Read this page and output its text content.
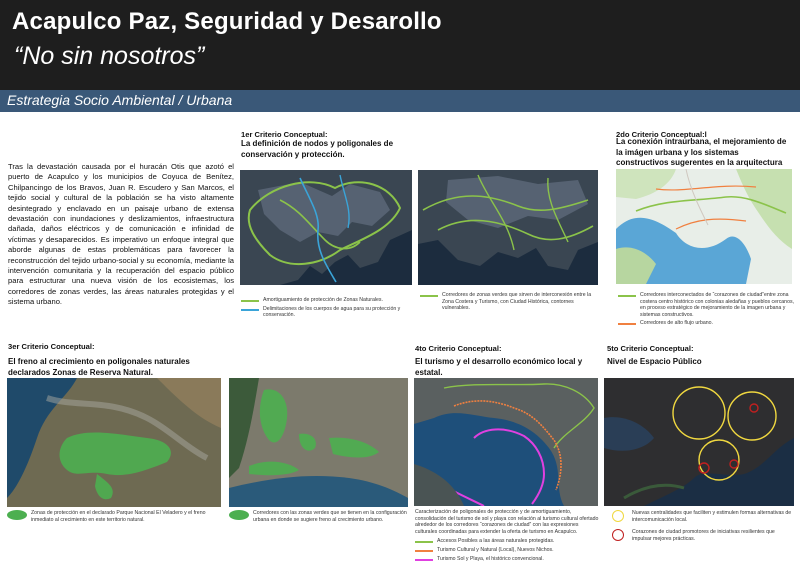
Acapulco Paz, Seguridad y Desarollo
“No sin nosotros”
Estrategia Socio Ambiental / Urbana
Tras la devastación causada por el huracán Otis que azotó el puerto de Acapulco y los municipios de Coyuca de Benítez, Chilpancingo de los Bravos, Juan R. Escudero y San Marcos, el tejido social y cultural de la población se ha visto altamente desintegrado y enclavado en un paisaje urbano de extensa devastación con inundaciones y deslizamientos, infraestructura dañada, daños eléctricos y de comunicación e infinidad de víctimas y desaparecidos. Es imperativo un enfoque integral que aborde algunas de estas problemáticas para favorecer la reconstrucción del tejido urbano-social y su economía, mediante la intervención comunitaria y la recuperación del espacio público para estructurar una nueva visión de los ecosistemas, los corredores de zonas verdes, las áreas naturales protegidas y el sistema urbano.
1er Criterio Conceptual:
La definición de nodos y poligonales de conservación y protección.
Amortiguamiento de protección de Zonas Naturales.
Delimitaciones de los cuerpos de agua para su protección y conservación.
Corredores de zonas verdes que sirven de interconexión entre la Zona Costera y Turismo, con Ciudad Histórica, contornes vulnerables.
2do Criterio Conceptual:l
La conexión intraurbana, el mejoramiento de la imágen urbana y los sistemas constructivos sugerentes en la arquitectura
Corredores interconectados de “corazones de ciudad”entre zona costera centro histórico con colonias aledañas y pueblos cercanos, en proceso estratégico de mejoramiento de la imagen urbana y sistemas constructivos.
Corredores de alto flujo urbano.
3er Criterio Conceptual:
El freno al crecimiento en poligonales naturales declarados Zonas de Reserva Natural.
Zonas de protección en el declarado Parque Nacional El Veladero y el freno inmediato al crecimiento en este territorio natural.
Corredores con las zonas verdes que se tienen en la configuración urbana en donde se sugiere freno al crecimiento urbano.
4to Criterio Conceptual:
El turismo y el desarrollo económico local y estatal.
Caracterización de poligonales de protección y de amortiguamiento, consolidación del turismo de sol y playa con relación al turismo cultural ofertado alrededor de los corredores “corazones de ciudad” con las expresiones culturales coordinadas para extender la oferta de turismo en Acapulco.
Accesos Posibles a las áreas naturales protegidas.
Turismo Cultural y Natural (Local), Nuevos Nichos.
Turismo Sol y Playa, el histórico convencional.
5to Criterio Conceptual:
Nivel de Espacio Público
Nuevas centralidades que faciliten y estimulen formas alternativas de intercomunicación local.
Corazones de ciudad promotores de iniciativas resilientes que impulsar mejores prácticas.
